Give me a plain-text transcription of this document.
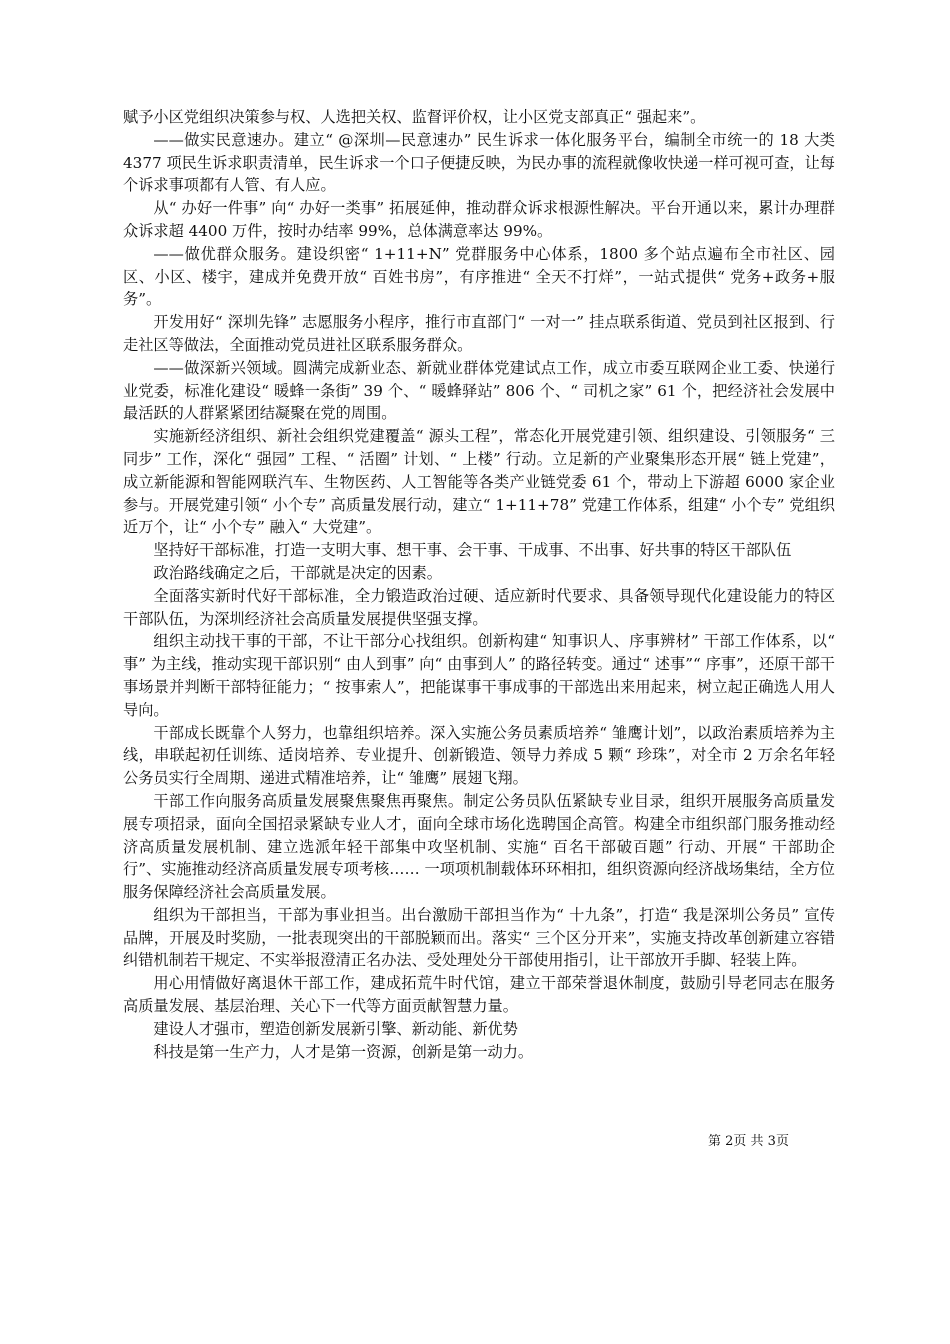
赋予小区党组织决策参与权、人选把关权、监督评价权，让小区党支部真正“ 强起来”。

——做实民意速办。建立“ @深圳—民意速办” 民生诉求一体化服务平台，编制全市统一的 18 大类 4377 项民生诉求职责清单，民生诉求一个口子便捷反映，为民办事的流程就像收快递一样可视可查，让每个诉求事项都有人管、有人应。

从“ 办好一件事” 向“ 办好一类事” 拓展延伸，推动群众诉求根源性解决。平台开通以来，累计办理群众诉求超 4400 万件，按时办结率 99%，总体满意率达 99%。

——做优群众服务。建设织密“ 1+11+N” 党群服务中心体系，1800 多个站点遍布全市社区、园区、小区、楼宇，建成并免费开放“ 百姓书房”，有序推进“ 全天不打烊”，一站式提供“ 党务+政务+服务”。

开发用好“ 深圳先锋” 志愿服务小程序，推行市直部门“ 一对一” 挂点联系街道、党员到社区报到、行走社区等做法，全面推动党员进社区联系服务群众。

——做深新兴领域。圆满完成新业态、新就业群体党建试点工作，成立市委互联网企业工委、快递行业党委，标准化建设“ 暖蜂一条街” 39 个、“ 暖蜂驿站” 806 个、“ 司机之家” 61 个，把经济社会发展中最活跃的人群紧紧团结凝聚在党的周围。

实施新经济组织、新社会组织党建覆盖“ 源头工程”，常态化开展党建引领、组织建设、引领服务“ 三同步” 工作，深化“ 强园” 工程、“ 活圈” 计划、“ 上楼” 行动。立足新的产业聚集形态开展“ 链上党建”，成立新能源和智能网联汽车、生物医药、人工智能等各类产业链党委 61 个，带动上下游超 6000 家企业参与。开展党建引领“ 小个专” 高质量发展行动，建立“ 1+11+78” 党建工作体系，组建“ 小个专” 党组织近万个，让“ 小个专” 融入“ 大党建”。

坚持好干部标准，打造一支明大事、想干事、会干事、干成事、不出事、好共事的特区干部队伍

政治路线确定之后，干部就是决定的因素。

全面落实新时代好干部标准，全力锻造政治过硬、适应新时代要求、具备领导现代化建设能力的特区干部队伍，为深圳经济社会高质量发展提供坚强支撑。

组织主动找干事的干部，不让干部分心找组织。创新构建“ 知事识人、序事辨材” 干部工作体系，以“ 事” 为主线，推动实现干部识别“ 由人到事” 向“ 由事到人” 的路径转变。通过“ 述事”“ 序事”，还原干部干事场景并判断干部特征能力；“ 按事索人”，把能谋事干事成事的干部选出来用起来，树立起正确选人用人导向。

干部成长既靠个人努力，也靠组织培养。深入实施公务员素质培养“ 雏鹰计划”，以政治素质培养为主线，串联起初任训练、适岗培养、专业提升、创新锻造、领导力养成 5 颗“ 珍珠”，对全市 2 万余名年轻公务员实行全周期、递进式精准培养，让“ 雏鹰” 展翅飞翔。

干部工作向服务高质量发展聚焦聚焦再聚焦。制定公务员队伍紧缺专业目录，组织开展服务高质量发展专项招录，面向全国招录紧缺专业人才，面向全球市场化选聘国企高管。构建全市组织部门服务推动经济高质量发展机制、建立选派年轻干部集中攻坚机制、实施“ 百名干部破百题” 行动、开展“ 干部助企行”、实施推动经济高质量发展专项考核…… 一项项机制载体环环相扣，组织资源向经济战场集结，全方位服务保障经济社会高质量发展。

组织为干部担当，干部为事业担当。出台激励干部担当作为“ 十九条”，打造“ 我是深圳公务员” 宣传品牌，开展及时奖励，一批表现突出的干部脱颖而出。落实“ 三个区分开来”，实施支持改革创新建立容错纠错机制若干规定、不实举报澄清正名办法、受处理处分干部使用指引，让干部放开手脚、轻装上阵。

用心用情做好离退休干部工作，建成拓荒牛时代馆，建立干部荣誉退休制度，鼓励引导老同志在服务高质量发展、基层治理、关心下一代等方面贡献智慧力量。

建设人才强市，塑造创新发展新引擎、新动能、新优势

科技是第一生产力，人才是第一资源，创新是第一动力。

第 2页 共 3页
